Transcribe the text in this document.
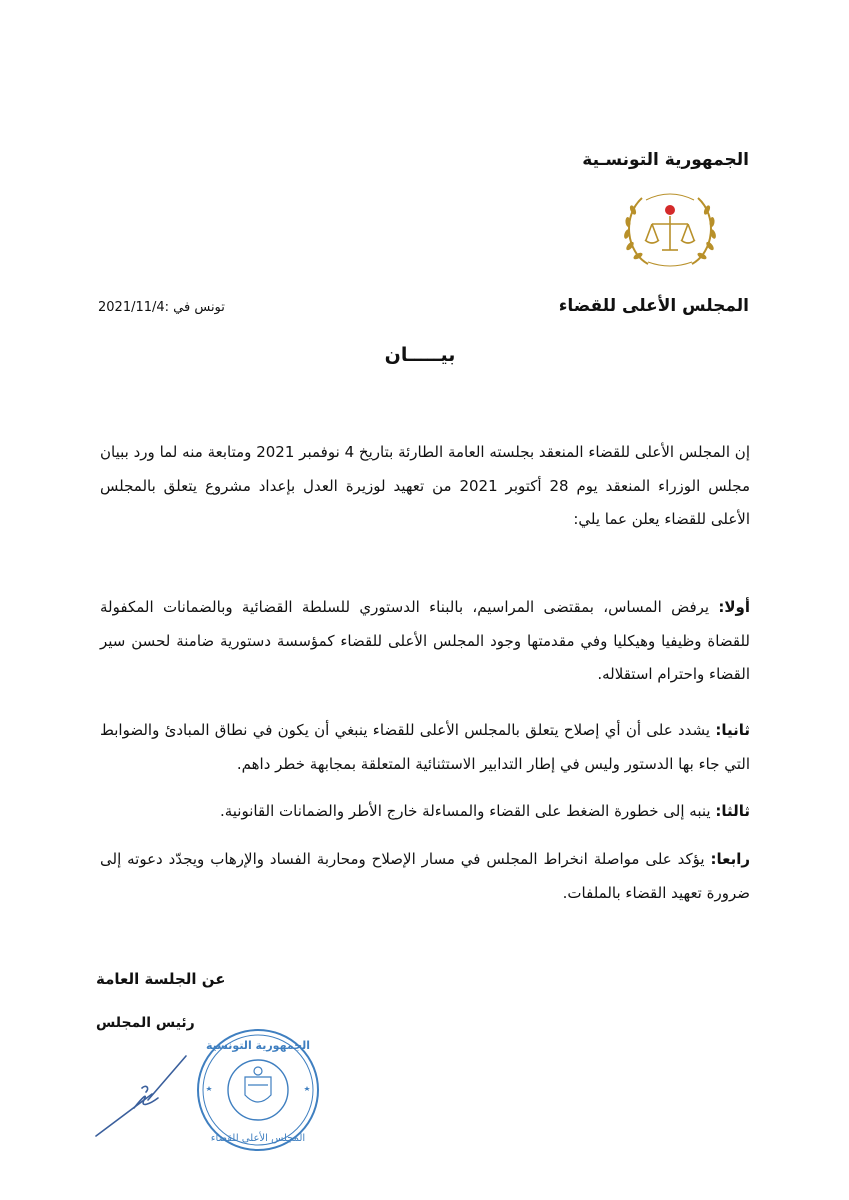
الجمهورية التونسـية
المجلس الأعلى للقضاء
تونس في :2021/11/4
بيـــــان
إن المجلس الأعلى للقضاء المنعقد بجلسته العامة الطارئة بتاريخ 4 نوفمبر 2021 ومتابعة منه لما ورد ببيان مجلس الوزراء المنعقد يوم 28 أكتوبر 2021 من تعهيد لوزيرة العدل بإعداد مشروع يتعلق بالمجلس الأعلى للقضاء يعلن عما يلي:
أولا: يرفض المساس، بمقتضى المراسيم، بالبناء الدستوري للسلطة القضائية وبالضمانات المكفولة للقضاة وظيفيا وهيكليا وفي مقدمتها وجود المجلس الأعلى للقضاء كمؤسسة دستورية ضامنة لحسن سير القضاء واحترام استقلاله.
ثانيا: يشدد على أن أي إصلاح يتعلق بالمجلس الأعلى للقضاء ينبغي أن يكون في نطاق المبادئ والضوابط التي جاء بها الدستور وليس في إطار التدابير الاستثنائية المتعلقة بمجابهة خطر داهم.
ثالثا: ينبه إلى خطورة الضغط على القضاء والمساءلة خارج الأطر والضمانات القانونية.
رابعا: يؤكد على مواصلة انخراط المجلس في مسار الإصلاح ومحاربة الفساد والإرهاب ويجدّد دعوته إلى ضرورة تعهيد القضاء بالملفات.
عن الجلسة العامة
رئيس المجلس
الجمهورية التونسية
المجلس الأعلى للقضاء
